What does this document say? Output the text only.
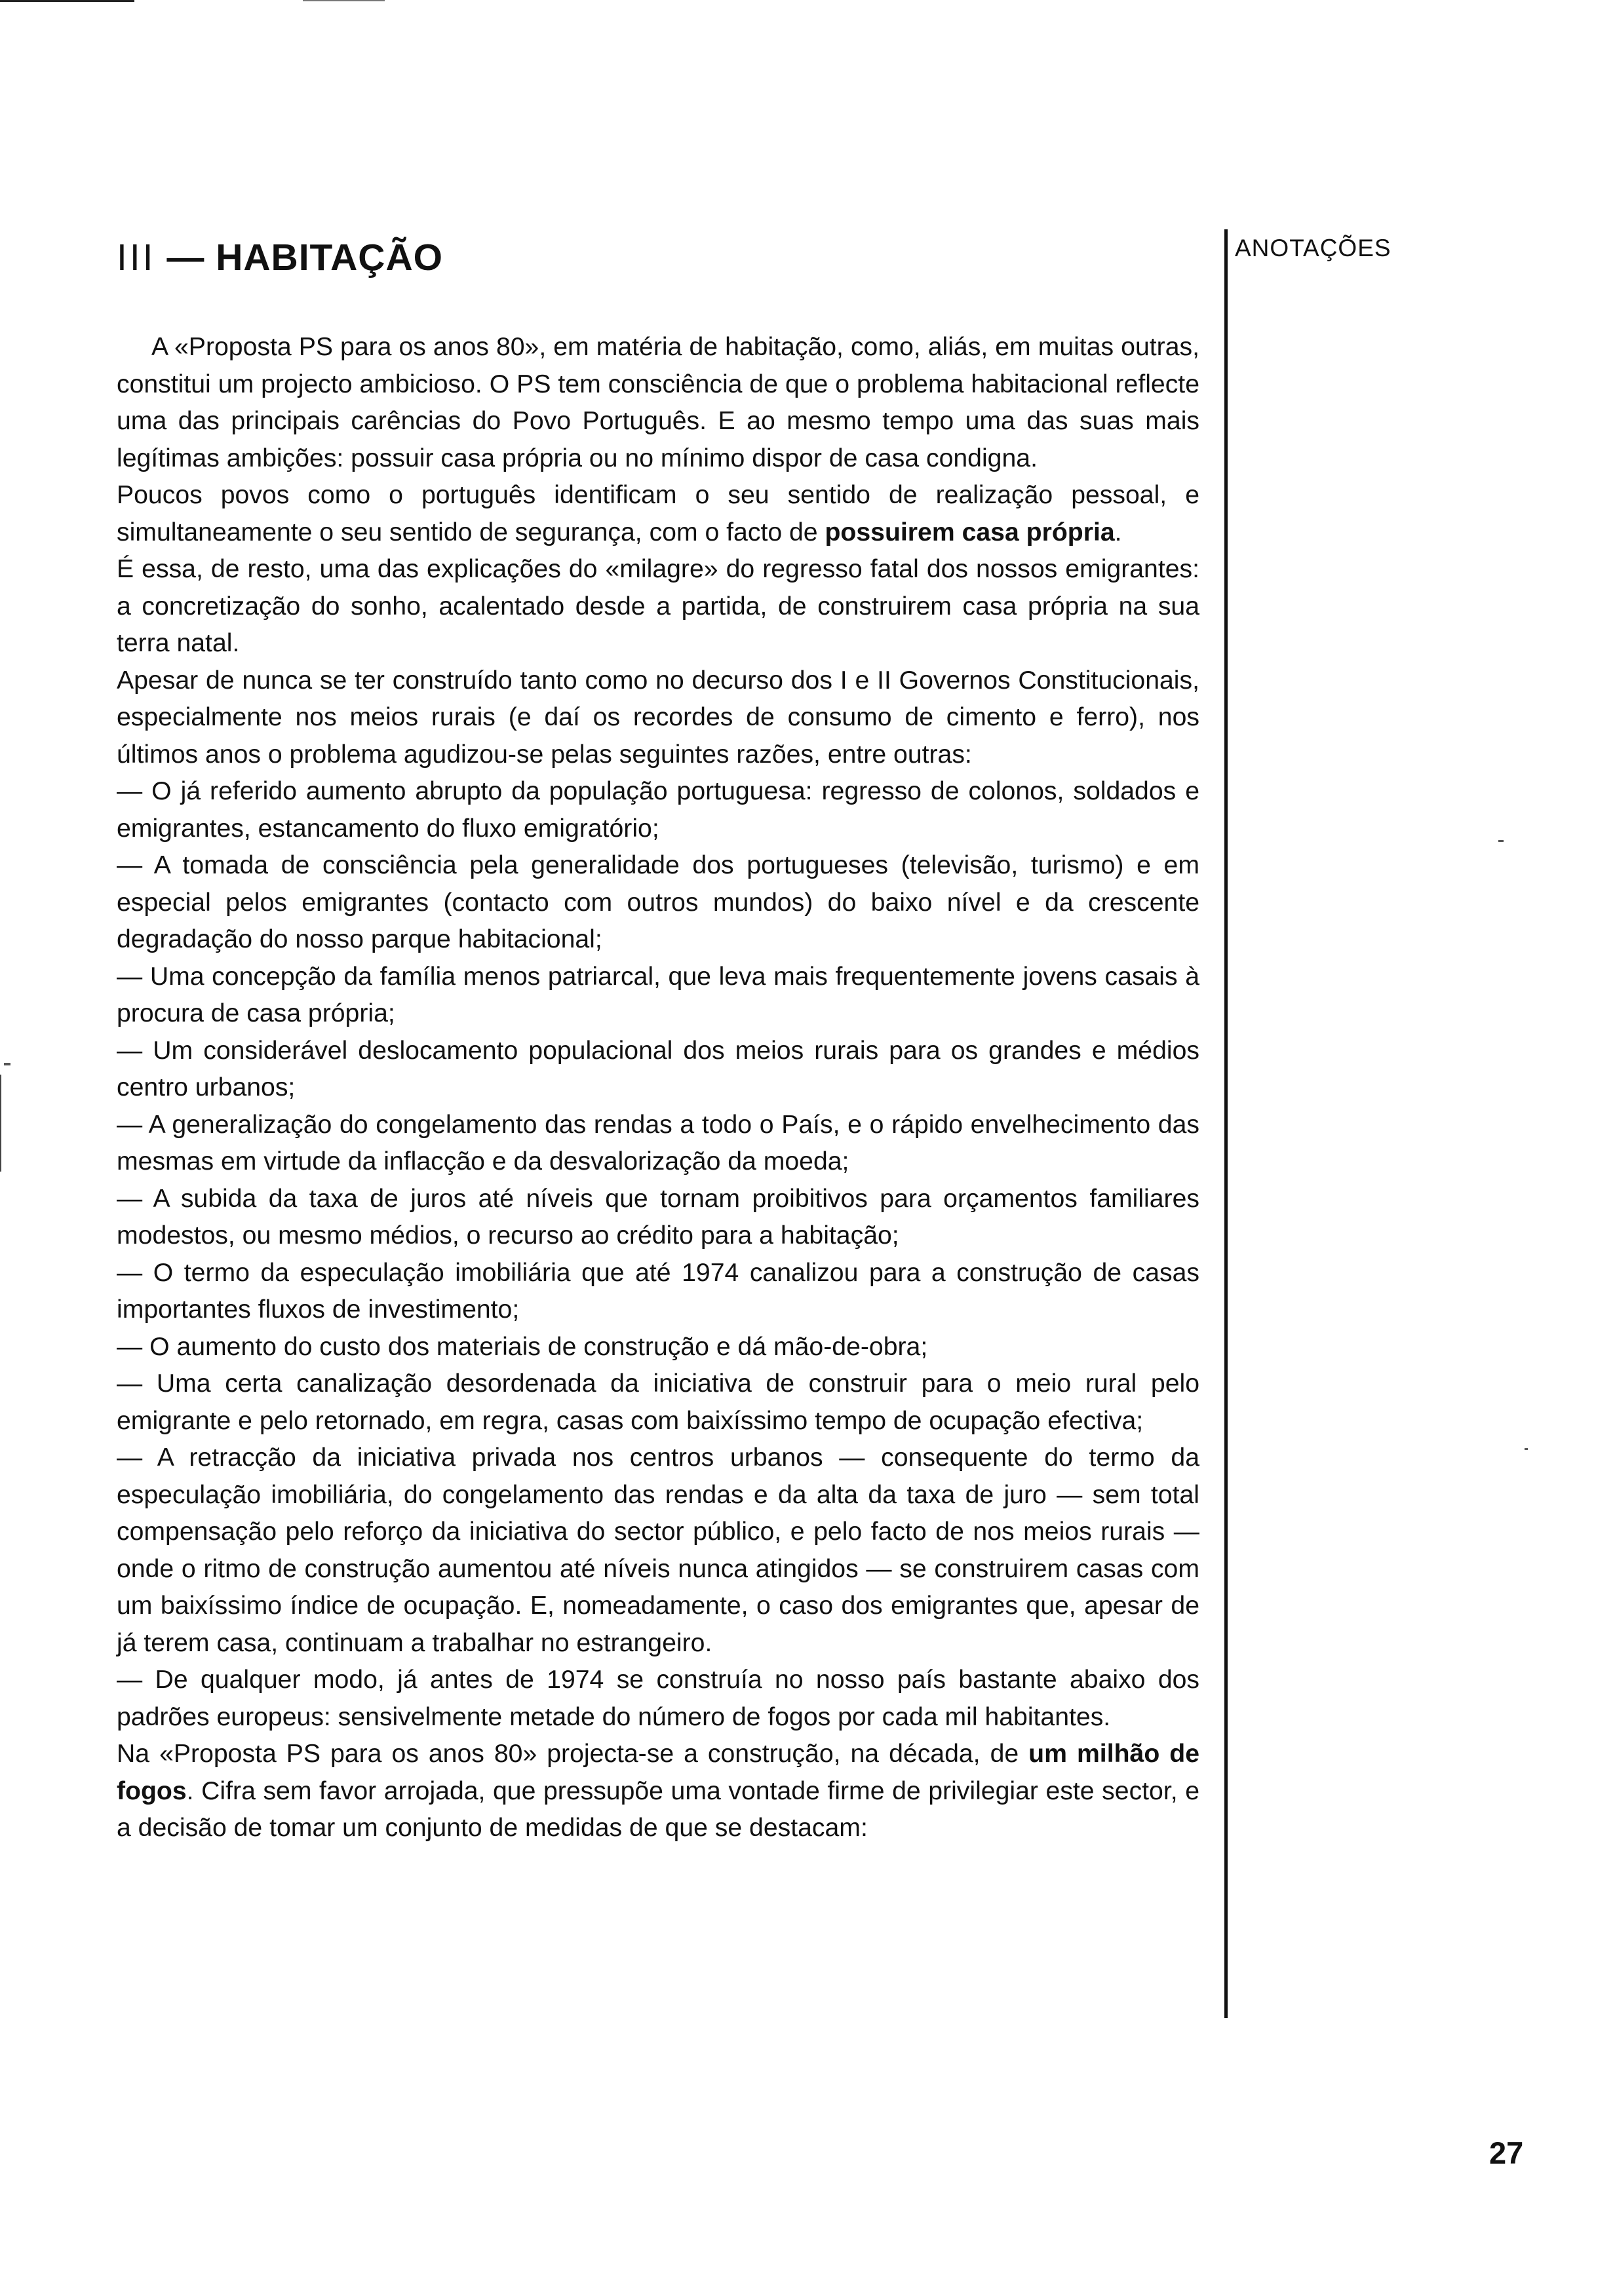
III — HABITAÇÃO	ANOTAÇÕES

A «Proposta PS para os anos 80», em matéria de habitação, como, aliás, em muitas outras, constitui um projecto ambicioso. O PS tem consciência de que o problema habitacional reflecte uma das principais carências do Povo Português. E ao mesmo tempo uma das suas mais legítimas ambições: possuir casa própria ou no mínimo dispor de casa condigna.

Poucos povos como o português identificam o seu sentido de realização pessoal, e simultaneamente o seu sentido de segurança, com o facto de possuirem casa própria.

É essa, de resto, uma das explicações do «milagre» do regresso fatal dos nossos emigrantes: a concretização do sonho, acalentado desde a partida, de construirem casa própria na sua terra natal.

Apesar de nunca se ter construído tanto como no decurso dos I e II Governos Constitucionais, especialmente nos meios rurais (e daí os recordes de consumo de cimento e ferro), nos últimos anos o problema agudizou-se pelas seguintes razões, entre outras:

— O já referido aumento abrupto da população portuguesa: regresso de colonos, soldados e emigrantes, estancamento do fluxo emigratório;

— A tomada de consciência pela generalidade dos portugueses (televisão, turismo) e em especial pelos emigrantes (contacto com outros mundos) do baixo nível e da crescente degradação do nosso parque habitacional;

— Uma concepção da família menos patriarcal, que leva mais frequentemente jovens casais à procura de casa própria;

— Um considerável deslocamento populacional dos meios rurais para os grandes e médios centro urbanos;

— A generalização do congelamento das rendas a todo o País, e o rápido envelhecimento das mesmas em virtude da inflacção e da desvalorização da moeda;

— A subida da taxa de juros até níveis que tornam proibitivos para orçamentos familiares modestos, ou mesmo médios, o recurso ao crédito para a habitação;

— O termo da especulação imobiliária que até 1974 canalizou para a construção de casas importantes fluxos de investimento;

— O aumento do custo dos materiais de construção e dá mão-de-obra;

— Uma certa canalização desordenada da iniciativa de construir para o meio rural pelo emigrante e pelo retornado, em regra, casas com baixíssimo tempo de ocupação efectiva;

— A retracção da iniciativa privada nos centros urbanos — consequente do termo da especulação imobiliária, do congelamento das rendas e da alta da taxa de juro — sem total compensação pelo reforço da iniciativa do sector público, e pelo facto de nos meios rurais — onde o ritmo de construção aumentou até níveis nunca atingidos — se construirem casas com um baixíssimo índice de ocupação. E, nomeadamente, o caso dos emigrantes que, apesar de já terem casa, continuam a trabalhar no estrangeiro.

— De qualquer modo, já antes de 1974 se construía no nosso país bastante abaixo dos padrões europeus: sensivelmente metade do número de fogos por cada mil habitantes.

Na «Proposta PS para os anos 80» projecta-se a construção, na década, de um milhão de fogos. Cifra sem favor arrojada, que pressupõe uma vontade firme de privilegiar este sector, e a decisão de tomar um conjunto de medidas de que se destacam:

27
